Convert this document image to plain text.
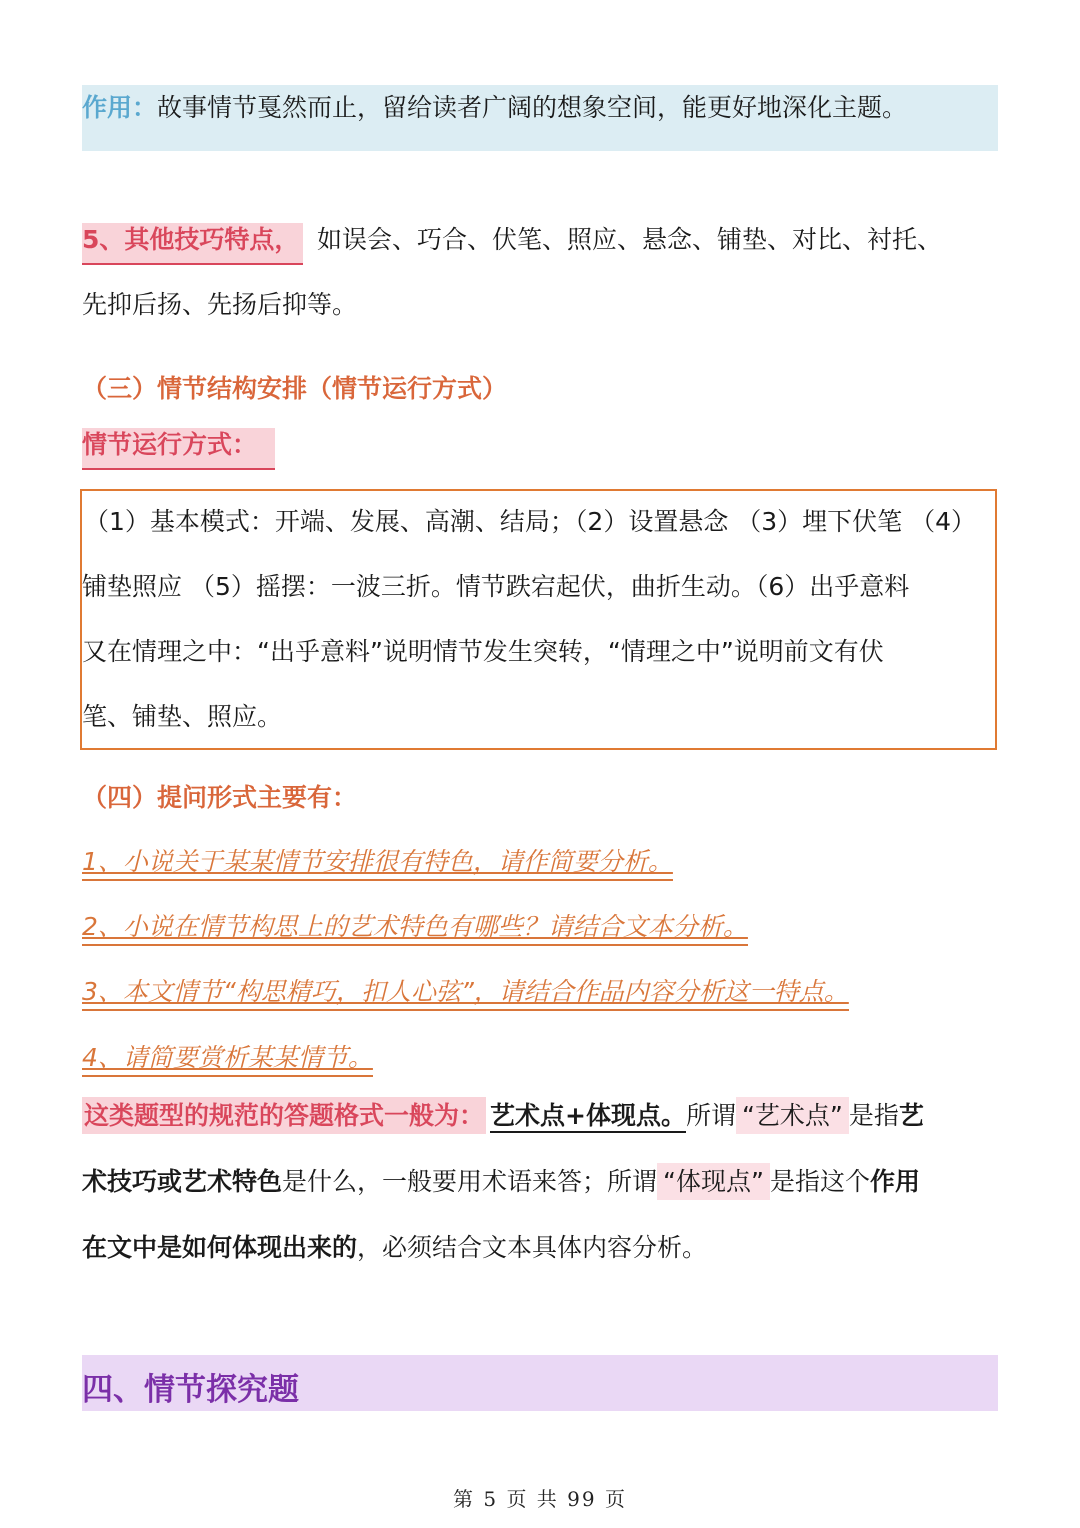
作用：故事情节戛然而止，留给读者广阔的想象空间，能更好地深化主题。
5、其他技巧特点， 如误会、巧合、伏笔、照应、悬念、铺垫、对比、衬托、
先抑后扬、先扬后抑等。
（三）情节结构安排（情节运行方式）
情节运行方式：
（1）基本模式：开端、发展、高潮、结局；（2）设置悬念 （3）埋下伏笔 （4）
铺垫照应 （5）摇摆：一波三折。情节跌宕起伏，曲折生动。（6）出乎意料
又在情理之中：“出乎意料”说明情节发生突转，“情理之中”说明前文有伏
笔、铺垫、照应。
（四）提问形式主要有：
1、小说关于某某情节安排很有特色，请作简要分析。
2、小说在情节构思上的艺术特色有哪些？请结合文本分析。
3、本文情节“构思精巧，扣人心弦”，请结合作品内容分析这一特点。
4、请简要赏析某某情节。
这类题型的规范的答题格式一般为： 艺术点+体现点。所谓 “艺术点” 是指艺
术技巧或艺术特色是什么，一般要用术语来答；所谓 “体现点” 是指这个作用
在文中是如何体现出来的，必须结合文本具体内容分析。
四、情节探究题
第 5 页 共 99 页
